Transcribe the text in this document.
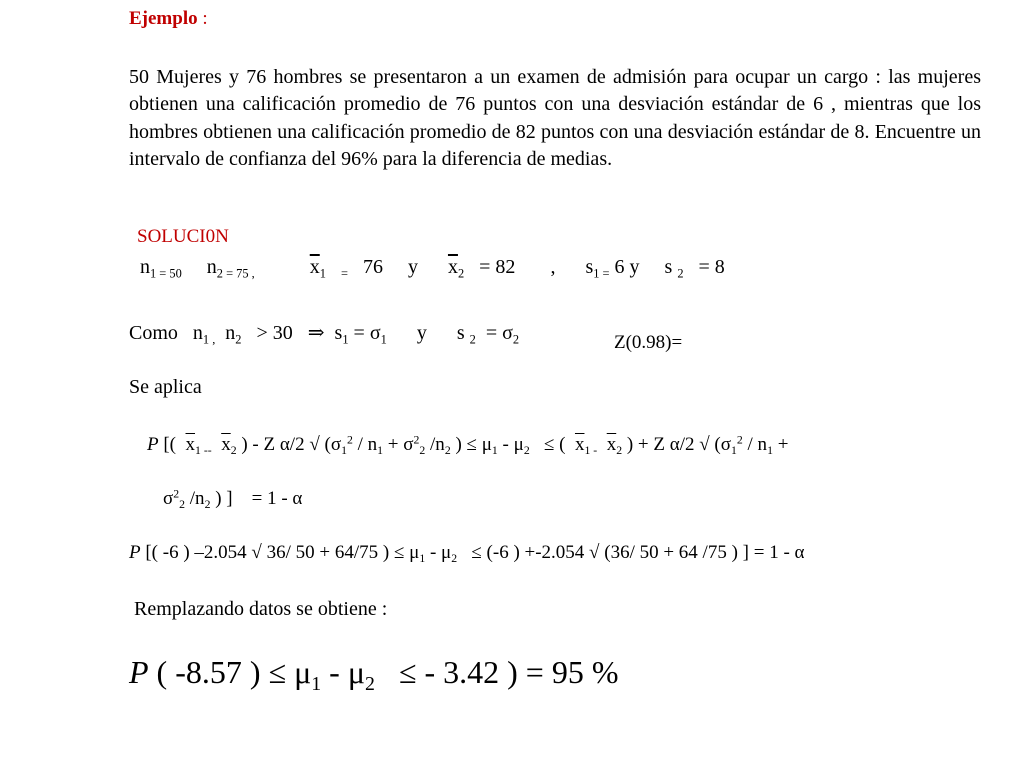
Ejemplo :
50 Mujeres y 76 hombres se presentaron a un examen de admisión para ocupar un cargo : las mujeres obtienen una calificación promedio de 76 puntos con una desviación estándar de 6 , mientras que los hombres obtienen una calificación promedio de 82 puntos con una desviación estándar de 8. Encuentre un intervalo de confianza del 96% para la diferencia de medias.
SOLUCI0N
$n_{1 = 50}$ $n_{2 = 75 ,}$	$\overline{x}_1$ $_=$ 76 y $\overline{x}_2 = 82$ , $s_{1 =}$ 6 y s $_2$ = 8
Como $n_{1 ,}$ $n_2 > 30$ ⇒ $s_1 = \sigma_1$ y s $_2 = \sigma_2$	Z(0.98)=
Se aplica
P [( $\overline{x}_{1 --}$ $\overline{x}_2$ ) - Z α/2 √ ($\sigma_1^2 / n_1 + \sigma^2_2$ $/n_2$ ) ≤ $\mu_1 - \mu_2$ ≤ ( $\overline{x}_{1 -}$ $\overline{x}_2$ ) + Z α/2 √ ($\sigma_1^2 / n_1$ +
$\sigma^2_2$ $/n_2$ ) ] = 1 - α
P [( -6 ) –2.054 √ 36/ 50 + 64/75 ) ≤ $\mu_1 - \mu_2 \le (-6$ ) +-2.054 √ (36/ 50 + 64 /75 ) ] = 1 - α
Remplazando datos se obtiene :
P ( -8.57 ) ≤ $\mu_1 - \mu_2$ ≤ - 3.42 ) = 95 %
